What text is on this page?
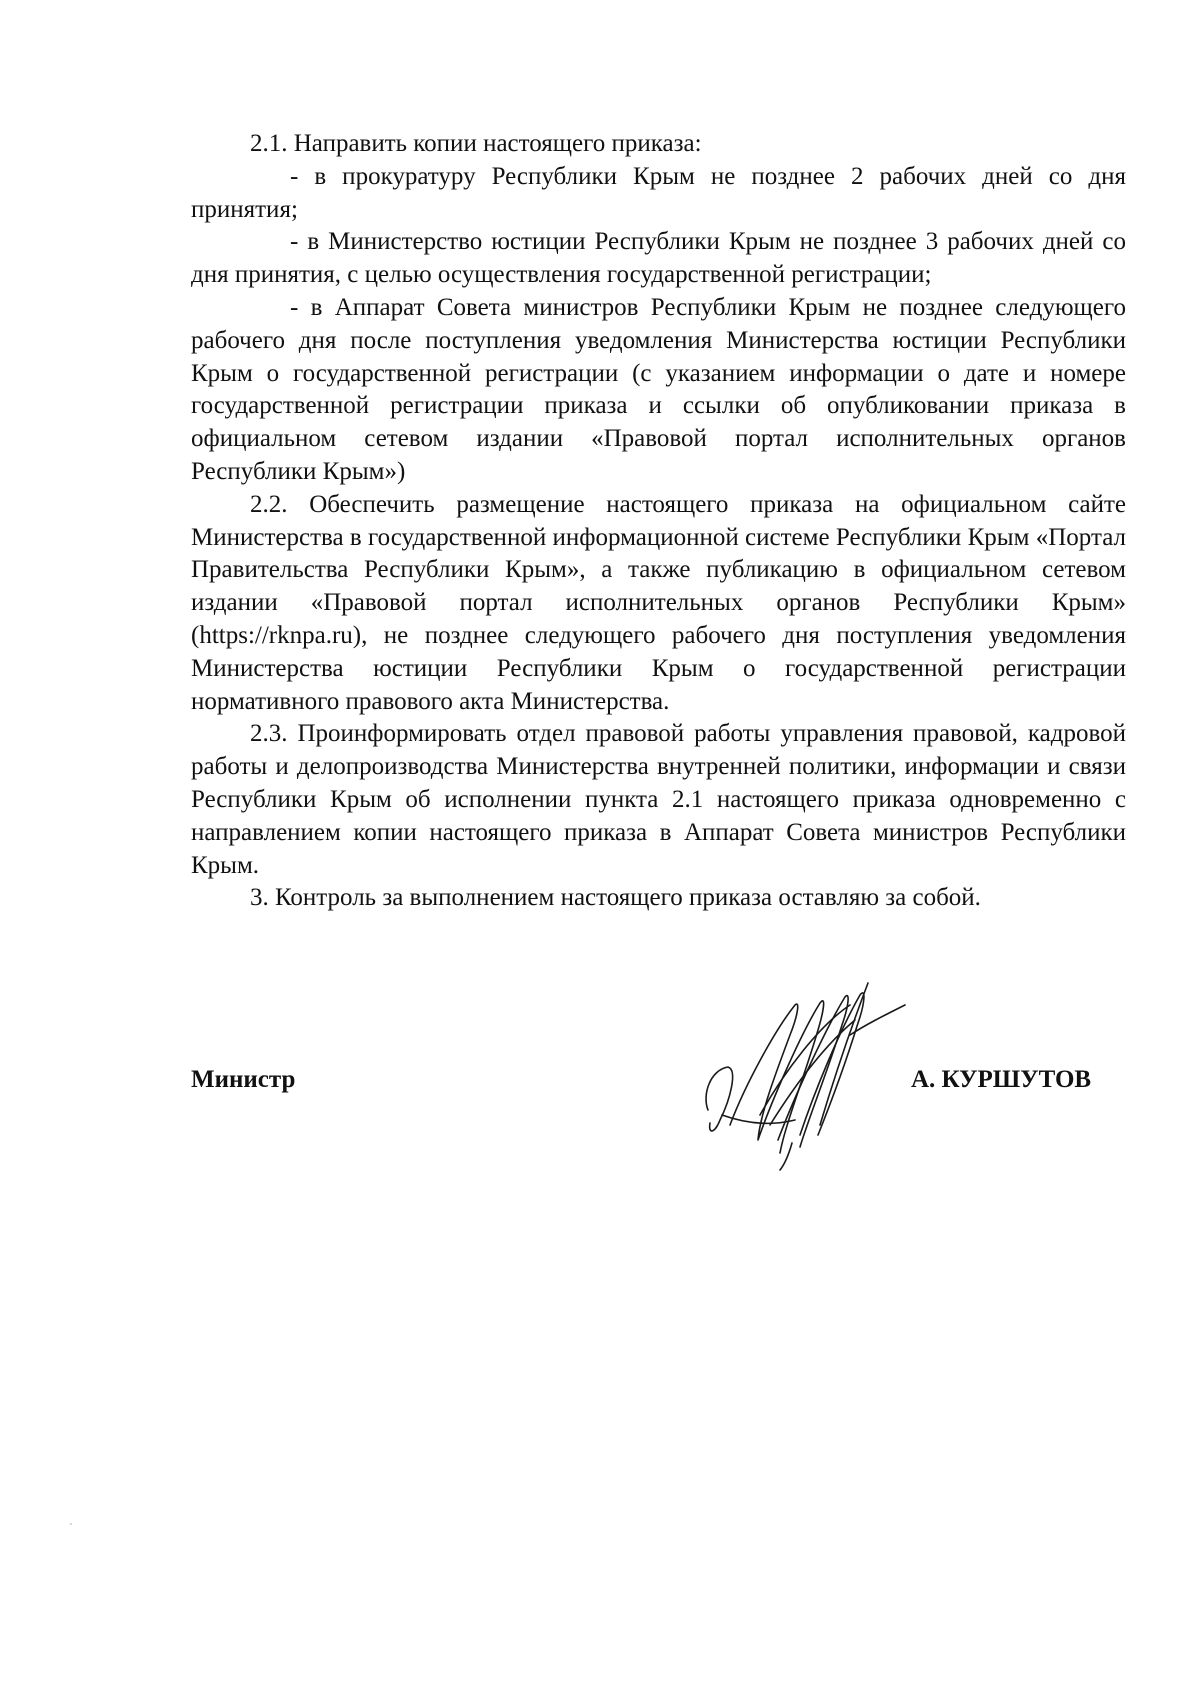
2.1. Направить копии настоящего приказа:

- в прокуратуру Республики Крым не позднее 2 рабочих дней со дня принятия;

- в Министерство юстиции Республики Крым не позднее 3 рабочих дней со дня принятия, с целью осуществления государственной регистрации;

- в Аппарат Совета министров Республики Крым не позднее следующего рабочего дня после поступления уведомления Министерства юстиции Республики Крым о государственной регистрации (с указанием информации о дате и номере государственной регистрации приказа и ссылки об опубликовании приказа в официальном сетевом издании «Правовой портал исполнительных органов Республики Крым»)

2.2. Обеспечить размещение настоящего приказа на официальном сайте Министерства в государственной информационной системе Республики Крым «Портал Правительства Республики Крым», а также публикацию в официальном сетевом издании «Правовой портал исполнительных органов Республики Крым» (https://rknpa.ru), не позднее следующего рабочего дня поступления уведомления Министерства юстиции Республики Крым о государственной регистрации нормативного правового акта Министерства.

2.3. Проинформировать отдел правовой работы управления правовой, кадровой работы и делопроизводства Министерства внутренней политики, информации и связи Республики Крым об исполнении пункта 2.1 настоящего приказа одновременно с направлением копии настоящего приказа в Аппарат Совета министров Республики Крым.

3. Контроль за выполнением настоящего приказа оставляю за собой.

Министр	А. КУРШУТОВ
